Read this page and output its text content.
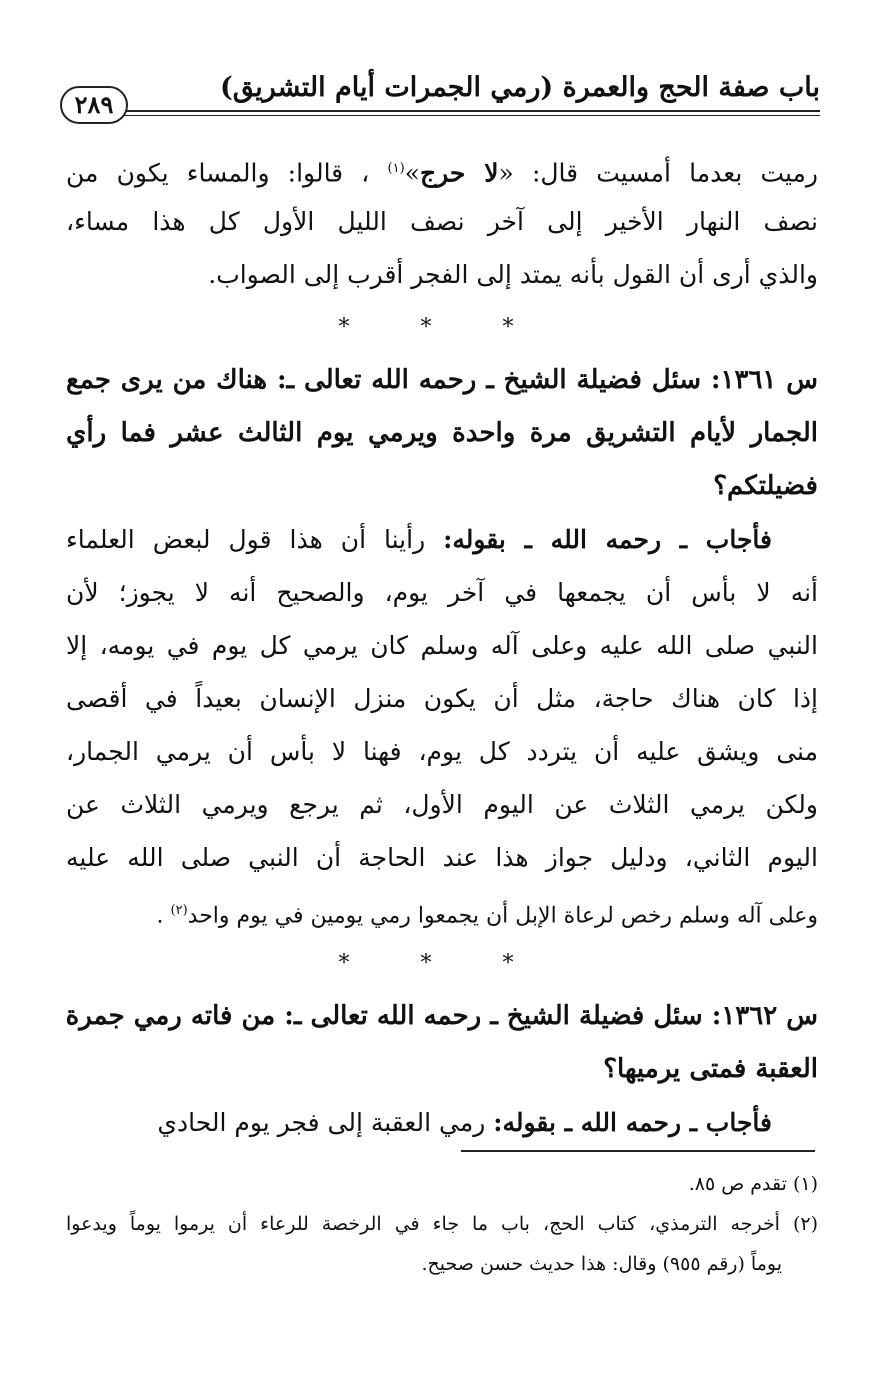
باب صفة الحج والعمرة (رمي الجمرات أيام التشريق)
٢٨٩
رميت بعدما أمسيت قال: «لا حرج»$^{(١)}$ ، قالوا: والمساء يكون من
نصف النهار الأخير إلى آخر نصف الليل الأول كل هذا مساء،
والذي أرى أن القول بأنه يمتد إلى الفجر أقرب إلى الصواب.
* * *
س ١٣٦١: سئل فضيلة الشيخ ـ رحمه الله تعالى ـ: هناك من يرى جمع
الجمار لأيام التشريق مرة واحدة ويرمي يوم الثالث عشر فما رأي
فضيلتكم؟
فأجاب ـ رحمه الله ـ بقوله: رأينا أن هذا قول لبعض العلماء
أنه لا بأس أن يجمعها في آخر يوم، والصحيح أنه لا يجوز؛ لأن
النبي صلى الله عليه وعلى آله وسلم كان يرمي كل يوم في يومه، إلا
إذا كان هناك حاجة، مثل أن يكون منزل الإنسان بعيداً في أقصى
منى ويشق عليه أن يتردد كل يوم، فهنا لا بأس أن يرمي الجمار،
ولكن يرمي الثلاث عن اليوم الأول، ثم يرجع ويرمي الثلاث عن
اليوم الثاني، ودليل جواز هذا عند الحاجة أن النبي صلى الله عليه
وعلى آله وسلم رخص لرعاة الإبل أن يجمعوا رمي يومين في يوم واحد$^{(٢)}$ .
* * *
س ١٣٦٢: سئل فضيلة الشيخ ـ رحمه الله تعالى ـ: من فاته رمي جمرة
العقبة فمتى يرميها؟
فأجاب ـ رحمه الله ـ بقوله: رمي العقبة إلى فجر يوم الحادي
(١) تقدم ص ٨٥.
(٢) أخرجه الترمذي، كتاب الحج، باب ما جاء في الرخصة للرعاء أن يرموا يوماً ويدعوا
يوماً (رقم ٩٥٥) وقال: هذا حديث حسن صحيح.
